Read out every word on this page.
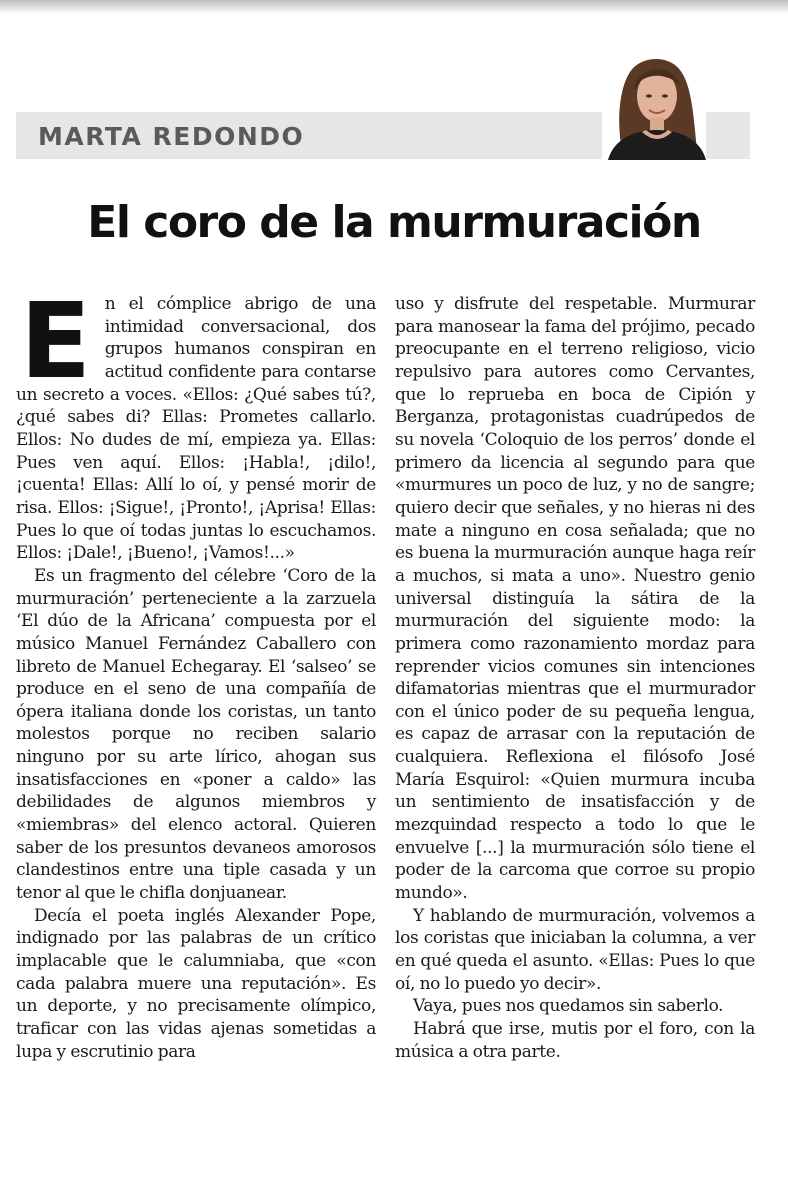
MARTA REDONDO
El coro de la murmuración

En el cómplice abrigo de una intimidad conversacional, dos grupos humanos conspiran en actitud confidente para contarse un secreto a voces. «Ellos: ¿Qué sabes tú?, ¿qué sabes di? Ellas: Prometes callarlo. Ellos: No dudes de mí, empieza ya. Ellas: Pues ven aquí. Ellos: ¡Habla!, ¡dilo!, ¡cuenta! Ellas: Allí lo oí, y pensé morir de risa. Ellos: ¡Sigue!, ¡Pronto!, ¡Aprisa! Ellas: Pues lo que oí todas juntas lo escuchamos. Ellos: ¡Dale!, ¡Bueno!, ¡Vamos!...»

Es un fragmento del célebre ‘Coro de la murmuración’ perteneciente a la zarzuela ‘El dúo de la Africana’ compuesta por el músico Manuel Fernández Caballero con libreto de Manuel Echegaray. El ‘salseo’ se produce en el seno de una compañía de ópera italiana donde los coristas, un tanto molestos porque no reciben salario ninguno por su arte lírico, ahogan sus insatisfacciones en «poner a caldo» las debilidades de algunos miembros y «miembras» del elenco actoral. Quieren saber de los presuntos devaneos amorosos clandestinos entre una tiple casada y un tenor al que le chifla donjuanear.

Decía el poeta inglés Alexander Pope, indignado por las palabras de un crítico implacable que le calumniaba, que «con cada palabra muere una reputación». Es un deporte, y no precisamente olímpico, traficar con las vidas ajenas sometidas a lupa y escrutinio para

uso y disfrute del respetable. Murmurar para manosear la fama del prójimo, pecado preocupante en el terreno religioso, vicio repulsivo para autores como Cervantes, que lo reprueba en boca de Cipión y Berganza, protagonistas cuadrúpedos de su novela ‘Coloquio de los perros’ donde el primero da licencia al segundo para que «murmures un poco de luz, y no de sangre; quiero decir que señales, y no hieras ni des mate a ninguno en cosa señalada; que no es buena la murmuración aunque haga reír a muchos, si mata a uno». Nuestro genio universal distinguía la sátira de la murmuración del siguiente modo: la primera como razonamiento mordaz para reprender vicios comunes sin intenciones difamatorias mientras que el murmurador con el único poder de su pequeña lengua, es capaz de arrasar con la reputación de cualquiera. Reflexiona el filósofo José María Esquirol: «Quien murmura incuba un sentimiento de insatisfacción y de mezquindad respecto a todo lo que le envuelve [...] la murmuración sólo tiene el poder de la carcoma que corroe su propio mundo».

Y hablando de murmuración, volvemos a los coristas que iniciaban la columna, a ver en qué queda el asunto. «Ellas: Pues lo que oí, no lo puedo yo decir».

Vaya, pues nos quedamos sin saberlo.

Habrá que irse, mutis por el foro, con la música a otra parte.
